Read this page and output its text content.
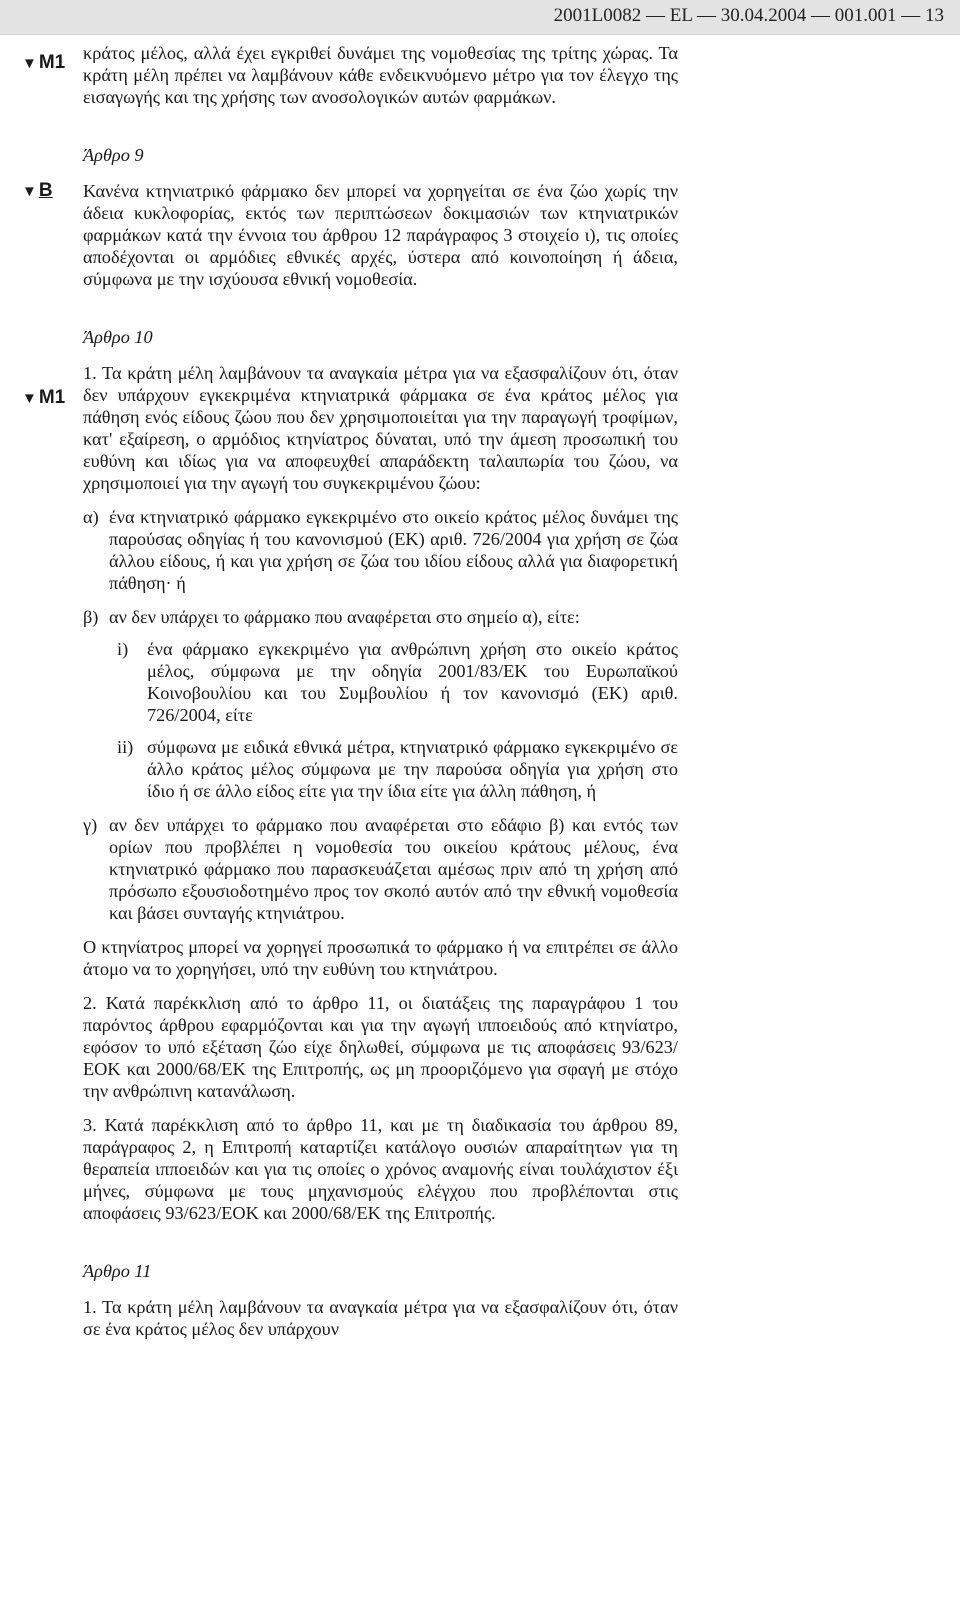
2001L0082 — EL — 30.04.2004 — 001.001 — 13
▼ M1
▼ B
▼ M1

κράτος μέλος, αλλά έχει εγκριθεί δυνάμει της νομοθεσίας της τρίτης χώρας. Τα κράτη μέλη πρέπει να λαμβάνουν κάθε ενδεικνυόμενο μέτρο για τον έλεγχο της εισαγωγής και της χρήσης των ανοσολογικών αυτών φαρμάκων.

Άρθρο 9

Κανένα κτηνιατρικό φάρμακο δεν μπορεί να χορηγείται σε ένα ζώο χωρίς την άδεια κυκλοφορίας, εκτός των περιπτώσεων δοκιμασιών των κτηνιατρικών φαρμάκων κατά την έννοια του άρθρου 12 παράγραφος 3 στοιχείο ι), τις οποίες αποδέχονται οι αρμόδιες εθνικές αρχές, ύστερα από κοινοποίηση ή άδεια, σύμφωνα με την ισχύουσα εθνική νομοθεσία.

Άρθρο 10

1. Τα κράτη μέλη λαμβάνουν τα αναγκαία μέτρα για να εξασφαλίζουν ότι, όταν δεν υπάρχουν εγκεκριμένα κτηνιατρικά φάρμακα σε ένα κράτος μέλος για πάθηση ενός είδους ζώου που δεν χρησιμοποιείται για την παραγωγή τροφίμων, κατ' εξαίρεση, ο αρμόδιος κτηνίατρος δύναται, υπό την άμεση προσωπική του ευθύνη και ιδίως για να αποφευχθεί απαράδεκτη ταλαιπωρία του ζώου, να χρησιμοποιεί για την αγωγή του συγκεκριμένου ζώου:

α) ένα κτηνιατρικό φάρμακο εγκεκριμένο στο οικείο κράτος μέλος δυνάμει της παρούσας οδηγίας ή του κανονισμού (ΕΚ) αριθ. 726/2004 για χρήση σε ζώα άλλου είδους, ή και για χρήση σε ζώα του ιδίου είδους αλλά για διαφορετική πάθηση· ή
β) αν δεν υπάρχει το φάρμακο που αναφέρεται στο σημείο α), είτε:
i)	ένα φάρμακο εγκεκριμένο για ανθρώπινη χρήση στο οικείο κράτος μέλος, σύμφωνα με την οδηγία 2001/83/ΕΚ του Ευρωπαϊκού Κοινοβουλίου και του Συμβουλίου ή τον κανονισμό (ΕΚ) αριθ. 726/2004, είτε
ii) σύμφωνα με ειδικά εθνικά μέτρα, κτηνιατρικό φάρμακο εγκεκριμένο σε άλλο κράτος μέλος σύμφωνα με την παρούσα οδηγία για χρήση στο ίδιο ή σε άλλο είδος είτε για την ίδια είτε για άλλη πάθηση, ή
γ) αν δεν υπάρχει το φάρμακο που αναφέρεται στο εδάφιο β) και εντός των ορίων που προβλέπει η νομοθεσία του οικείου κράτους μέλους, ένα κτηνιατρικό φάρμακο που παρασκευάζεται αμέσως πριν από τη χρήση από πρόσωπο εξουσιοδοτημένο προς τον σκοπό αυτόν από την εθνική νομοθεσία και βάσει συνταγής κτηνιάτρου.

Ο κτηνίατρος μπορεί να χορηγεί προσωπικά το φάρμακο ή να επιτρέπει σε άλλο άτομο να το χορηγήσει, υπό την ευθύνη του κτηνιάτρου.

2. Κατά παρέκκλιση από το άρθρο 11, οι διατάξεις της παραγράφου 1 του παρόντος άρθρου εφαρμόζονται και για την αγωγή ιπποειδούς από κτηνίατρο, εφόσον το υπό εξέταση ζώο είχε δηλωθεί, σύμφωνα με τις αποφάσεις 93/623/ΕΟΚ και 2000/68/ΕΚ της Επιτροπής, ως μη προοριζόμενο για σφαγή με στόχο την ανθρώπινη κατανάλωση.

3. Κατά παρέκκλιση από το άρθρο 11, και με τη διαδικασία του άρθρου 89, παράγραφος 2, η Επιτροπή καταρτίζει κατάλογο ουσιών απαραίτητων για τη θεραπεία ιπποειδών και για τις οποίες ο χρόνος αναμονής είναι τουλάχιστον έξι μήνες, σύμφωνα με τους μηχανισμούς ελέγχου που προβλέπονται στις αποφάσεις 93/623/ΕΟΚ και 2000/68/ΕΚ της Επιτροπής.

Άρθρο 11

1. Τα κράτη μέλη λαμβάνουν τα αναγκαία μέτρα για να εξασφαλίζουν ότι, όταν σε ένα κράτος μέλος δεν υπάρχουν
